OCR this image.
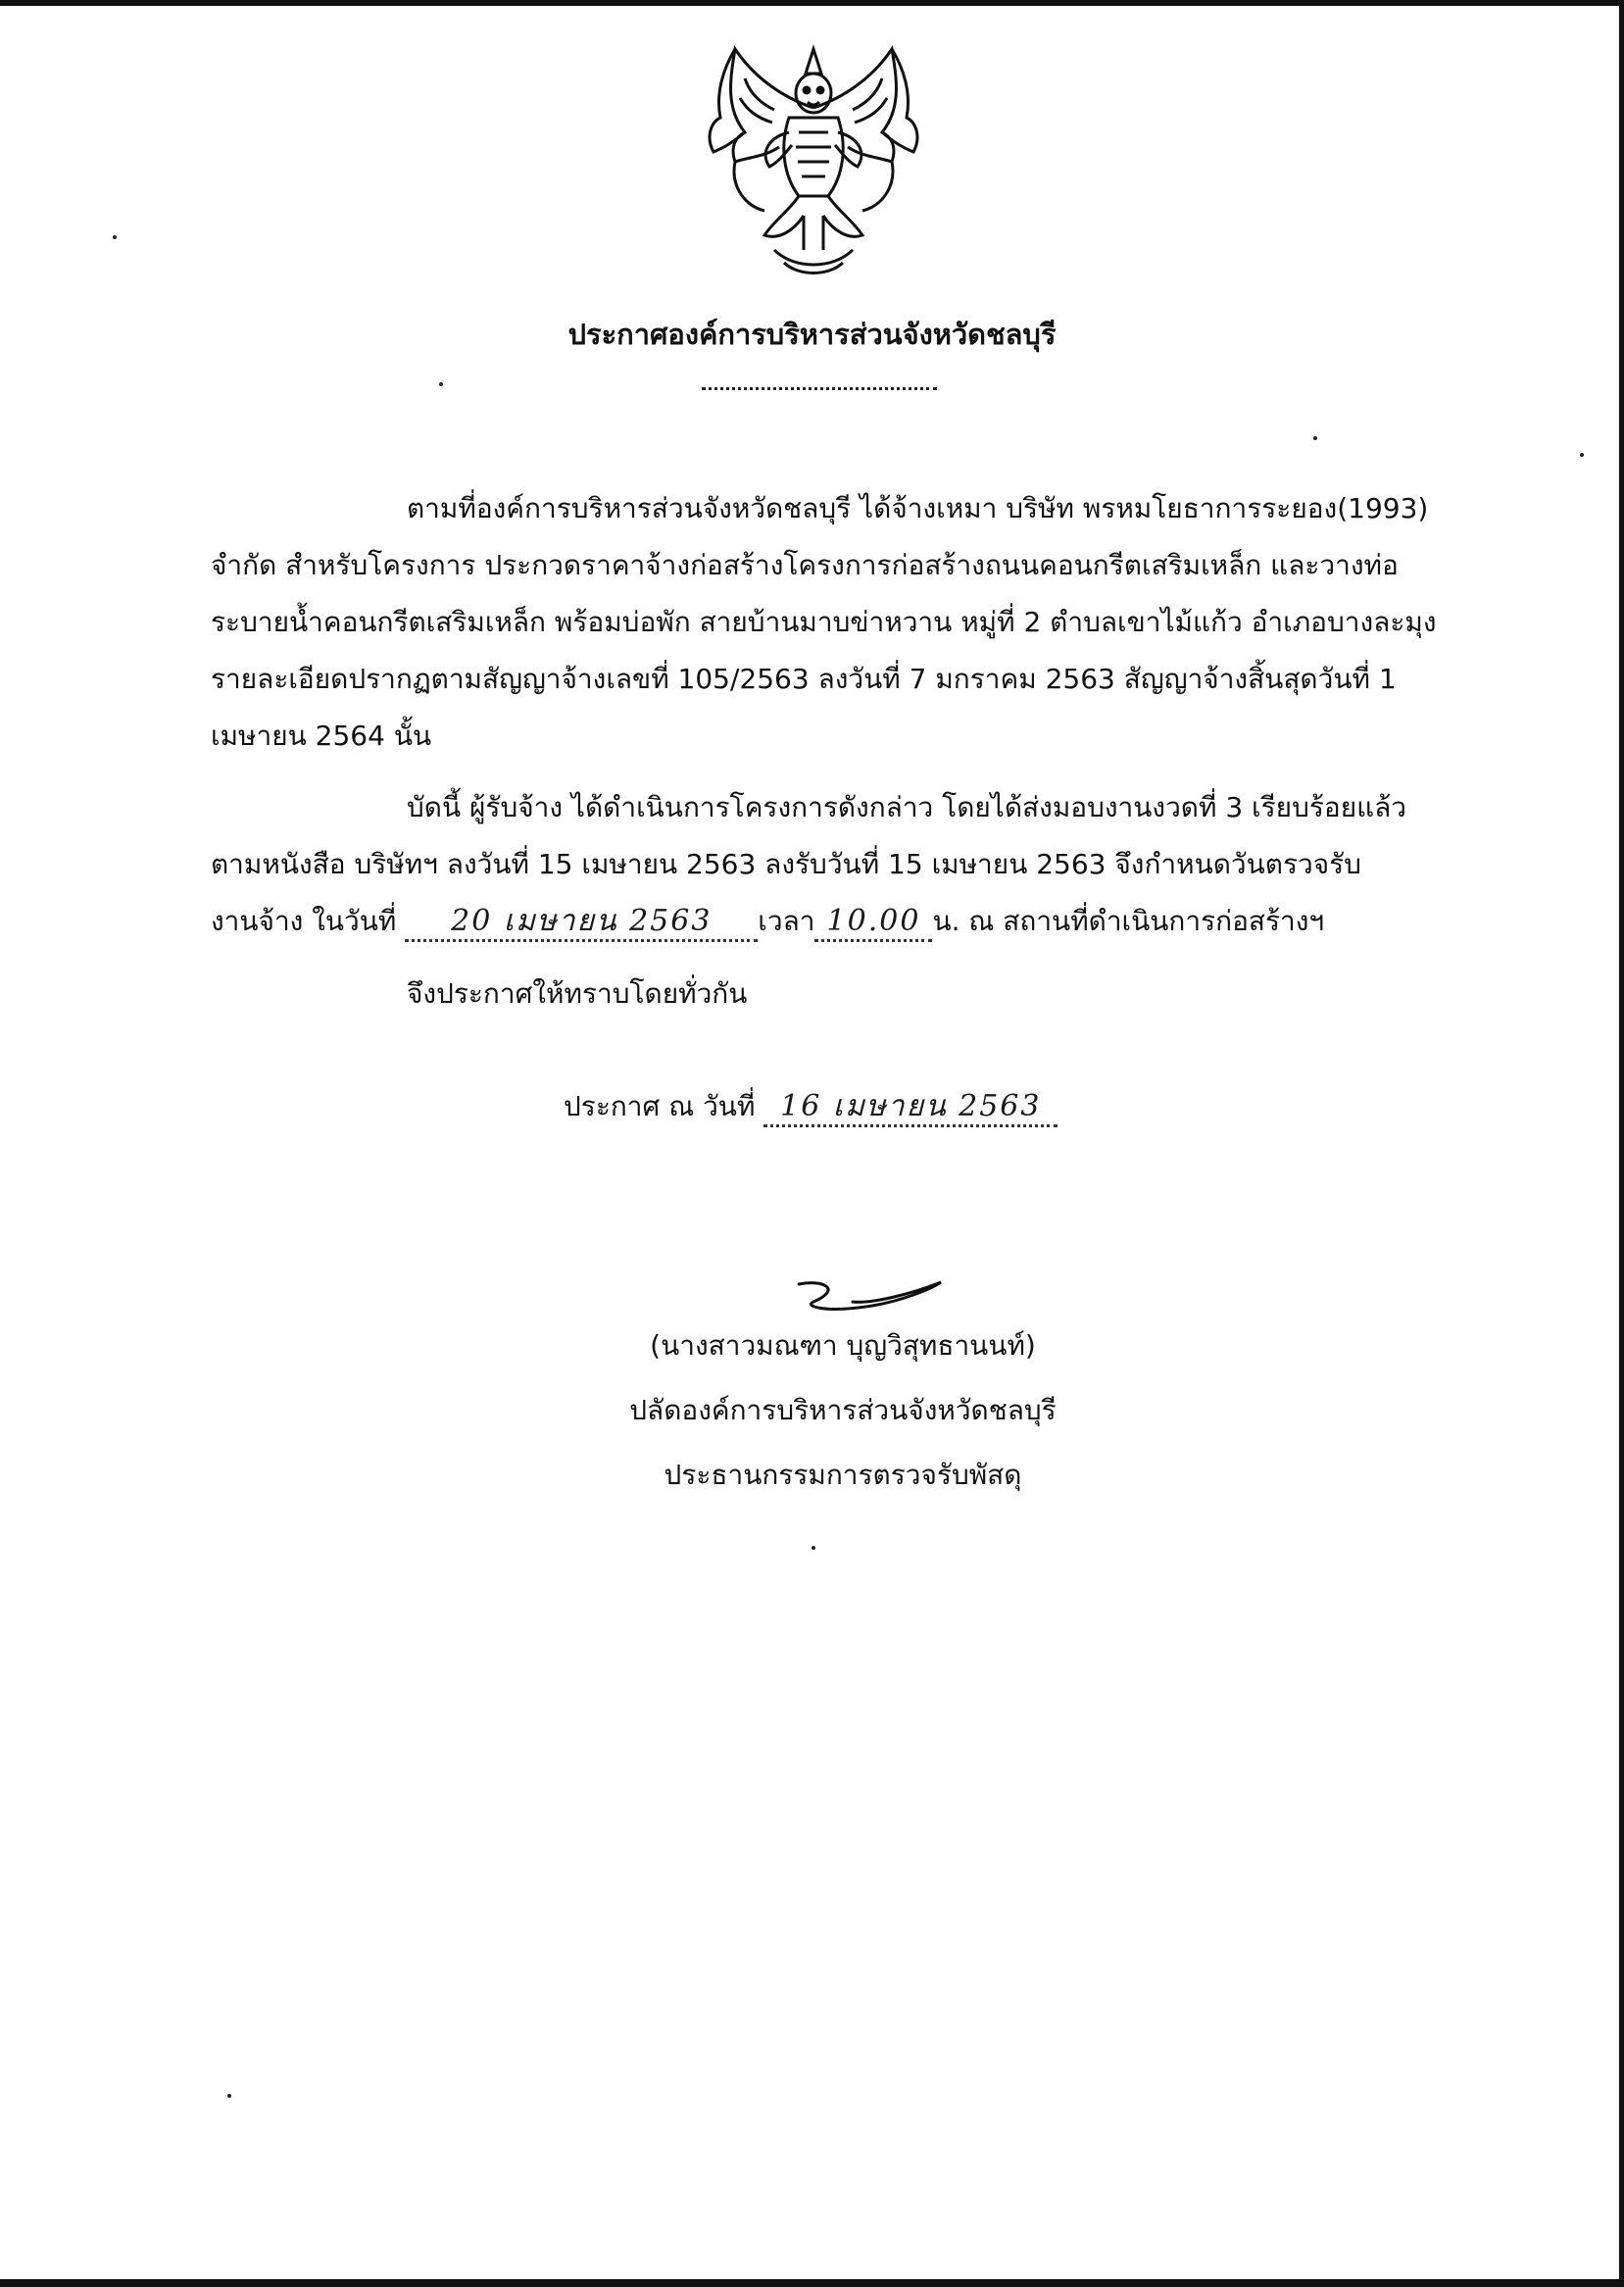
ประกาศองค์การบริหารส่วนจังหวัดชลบุรี
ตามที่องค์การบริหารส่วนจังหวัดชลบุรี ได้จ้างเหมา บริษัท พรหมโยธาการระยอง(1993)
จำกัด สำหรับโครงการ ประกวดราคาจ้างก่อสร้างโครงการก่อสร้างถนนคอนกรีตเสริมเหล็ก และวางท่อ
ระบายน้ำคอนกรีตเสริมเหล็ก พร้อมบ่อพัก สายบ้านมาบข่าหวาน หมู่ที่ 2 ตำบลเขาไม้แก้ว อำเภอบางละมุง
รายละเอียดปรากฏตามสัญญาจ้างเลขที่ 105/2563 ลงวันที่ 7 มกราคม 2563 สัญญาจ้างสิ้นสุดวันที่ 1
เมษายน 2564 นั้น
บัดนี้ ผู้รับจ้าง ได้ดำเนินการโครงการดังกล่าว โดยได้ส่งมอบงานงวดที่ 3 เรียบร้อยแล้ว
ตามหนังสือ บริษัทฯ ลงวันที่ 15 เมษายน 2563 ลงรับวันที่ 15 เมษายน 2563 จึงกำหนดวันตรวจรับ
งานจ้าง ในวันที่ 20 เมษายน 2563 เวลา 10.00 น. ณ สถานที่ดำเนินการก่อสร้างฯ
จึงประกาศให้ทราบโดยทั่วกัน
ประกาศ ณ วันที่ 16 เมษายน 2563
(นางสาวมณฑา บุญวิสุทธานนท์)
ปลัดองค์การบริหารส่วนจังหวัดชลบุรี
ประธานกรรมการตรวจรับพัสดุ
